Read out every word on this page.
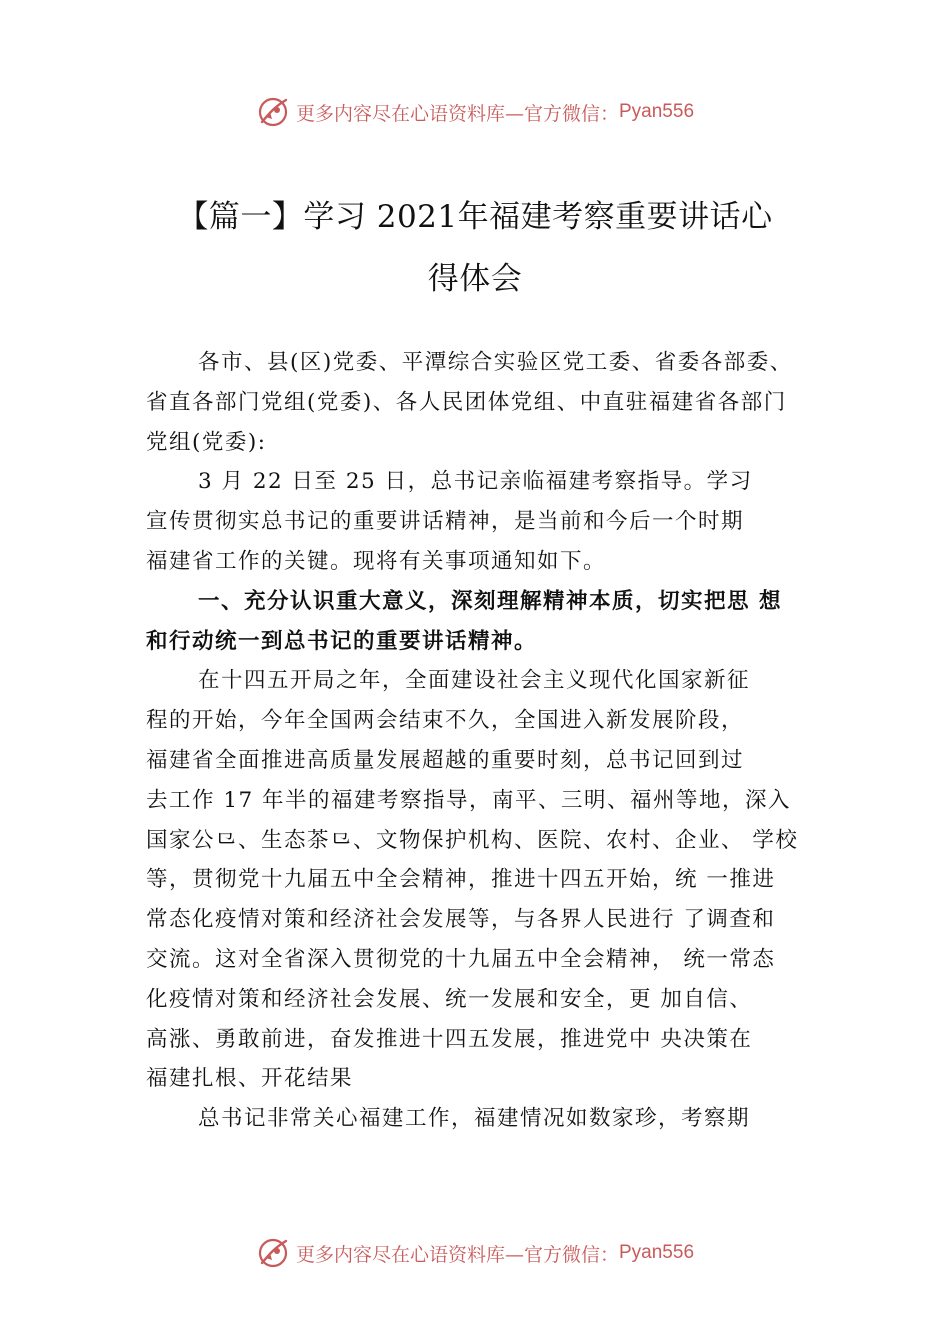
更多内容尽在心语资料库—官方微信： Pyan556
【篇一】学习 2021年福建考察重要讲话心
得体会
各市、县(区)党委、平潭综合实验区党工委、省委各部委、
省直各部门党组(党委)、各人民团体党组、中直驻福建省各部门
党组(党委):
3 月 22 日至 25 日，总书记亲临福建考察指导。学习
宣传贯彻实总书记的重要讲话精神，是当前和今后一个时期
福建省工作的关键。现将有关事项通知如下。
一、充分认识重大意义，深刻理解精神本质，切实把思 想
和行动统一到总书记的重要讲话精神。
在十四五开局之年，全面建设社会主义现代化国家新征
程的开始，今年全国两会结束不久，全国进入新发展阶段，
福建省全面推进高质量发展超越的重要时刻，总书记回到过
去工作 17 年半的福建考察指导，南平、三明、福州等地，深入
国家公⺋、生态茶⺋、文物保护机构、医院、农村、企业、 学校
等，贯彻党十九届五中全会精神，推进十四五开始，统 一推进
常态化疫情对策和经济社会发展等，与各界人民进行 了调查和
交流。这对全省深入贯彻党的十九届五中全会精神， 统一常态
化疫情对策和经济社会发展、统一发展和安全，更 加自信、
高涨、勇敢前进，奋发推进十四五发展，推进党中 央决策在
福建扎根、开花结果
总书记非常关心福建工作，福建情况如数家珍，考察期
更多内容尽在心语资料库—官方微信： Pyan556
